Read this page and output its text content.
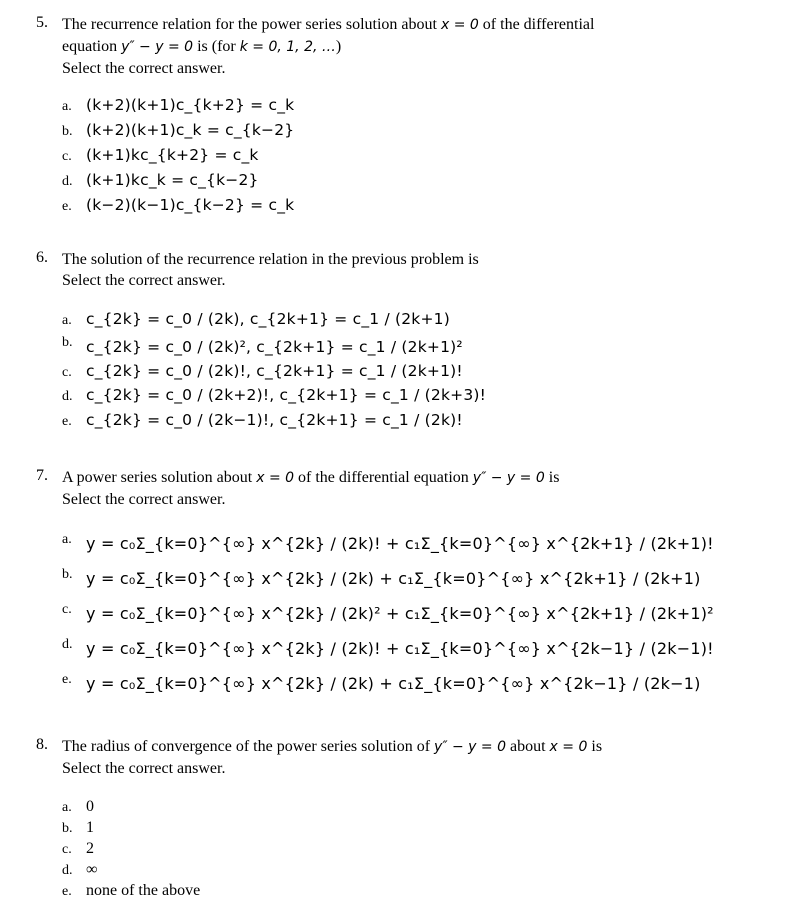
5. The recurrence relation for the power series solution about x = 0 of the differential
equation y″ − y = 0 is (for k = 0, 1, 2, …)
Select the correct answer.
a. (k+2)(k+1)c_{k+2} = c_k
b. (k+2)(k+1)c_k = c_{k−2}
c. (k+1)kc_{k+2} = c_k
d. (k+1)kc_k = c_{k−2}
e. (k−2)(k−1)c_{k−2} = c_k
6. The solution of the recurrence relation in the previous problem is
Select the correct answer.
a. c_{2k} = c_0 / (2k), c_{2k+1} = c_1 / (2k+1)
b. c_{2k} = c_0 / (2k)², c_{2k+1} = c_1 / (2k+1)²
c. c_{2k} = c_0 / (2k)!, c_{2k+1} = c_1 / (2k+1)!
d. c_{2k} = c_0 / (2k+2)!, c_{2k+1} = c_1 / (2k+3)!
e. c_{2k} = c_0 / (2k−1)!, c_{2k+1} = c_1 / (2k)!
7. A power series solution about x = 0 of the differential equation y″ − y = 0 is
Select the correct answer.
a. y = c₀Σ_{k=0}^{∞} x^{2k} / (2k)! + c₁Σ_{k=0}^{∞} x^{2k+1} / (2k+1)!
b. y = c₀Σ_{k=0}^{∞} x^{2k} / (2k) + c₁Σ_{k=0}^{∞} x^{2k+1} / (2k+1)
c. y = c₀Σ_{k=0}^{∞} x^{2k} / (2k)² + c₁Σ_{k=0}^{∞} x^{2k+1} / (2k+1)²
d. y = c₀Σ_{k=0}^{∞} x^{2k} / (2k)! + c₁Σ_{k=0}^{∞} x^{2k−1} / (2k−1)!
e. y = c₀Σ_{k=0}^{∞} x^{2k} / (2k) + c₁Σ_{k=0}^{∞} x^{2k−1} / (2k−1)
8. The radius of convergence of the power series solution of y″ − y = 0 about x = 0 is
Select the correct answer.
a. 0
b. 1
c. 2
d. ∞
e. none of the above
